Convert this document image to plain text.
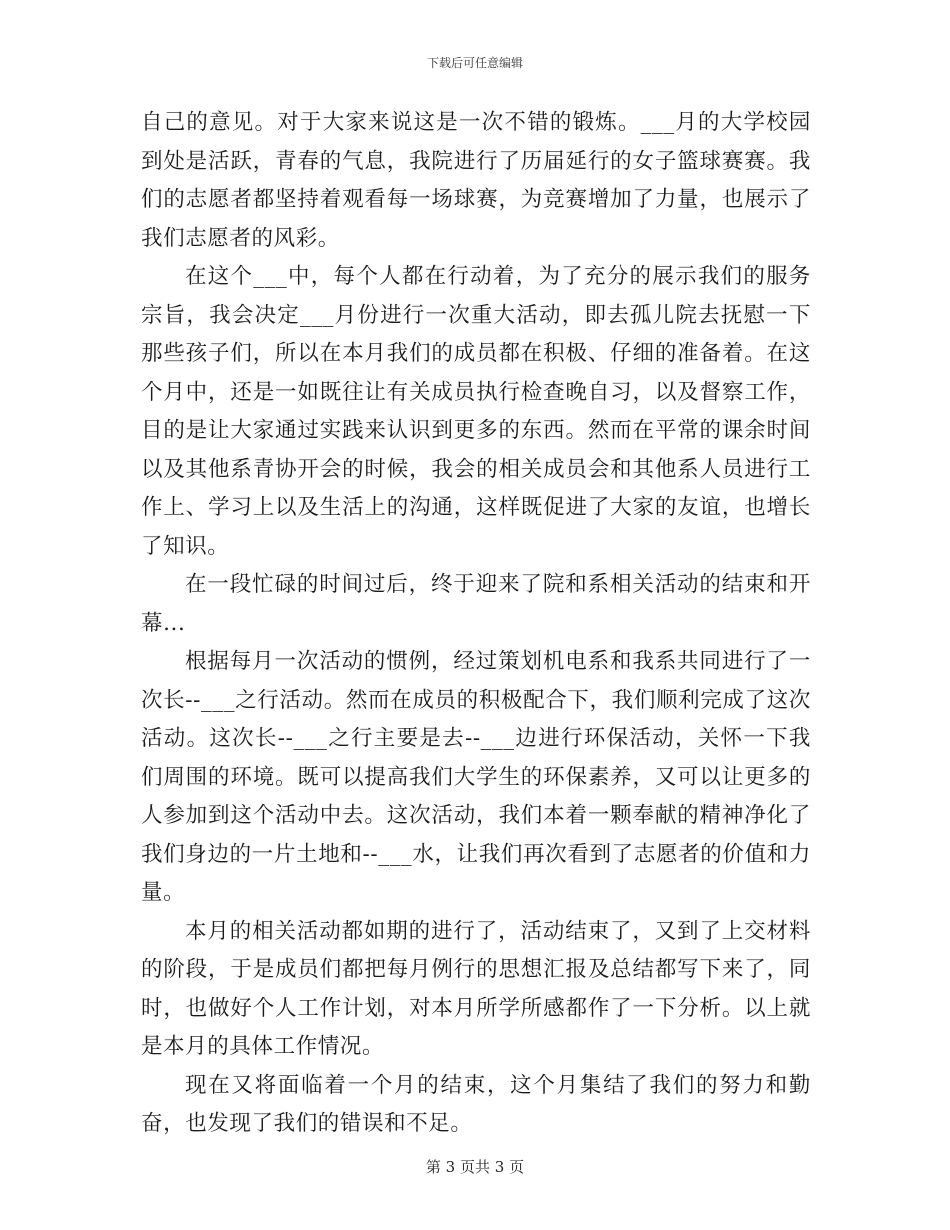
下载后可任意编辑

自己的意见。对于大家来说这是一次不错的锻炼。___月的大学校园到处是活跃，青春的气息，我院进行了历届延行的女子篮球赛赛。我们的志愿者都坚持着观看每一场球赛，为竞赛增加了力量，也展示了我们志愿者的风彩。

在这个___中，每个人都在行动着，为了充分的展示我们的服务宗旨，我会决定___月份进行一次重大活动，即去孤儿院去抚慰一下那些孩子们，所以在本月我们的成员都在积极、仔细的准备着。在这个月中，还是一如既往让有关成员执行检查晚自习，以及督察工作，目的是让大家通过实践来认识到更多的东西。然而在平常的课余时间以及其他系青协开会的时候，我会的相关成员会和其他系人员进行工作上、学习上以及生活上的沟通，这样既促进了大家的友谊，也增长了知识。

在一段忙碌的时间过后，终于迎来了院和系相关活动的结束和开幕...

根据每月一次活动的惯例，经过策划机电系和我系共同进行了一次长--___之行活动。然而在成员的积极配合下，我们顺利完成了这次活动。这次长--___之行主要是去--___边进行环保活动，关怀一下我们周围的环境。既可以提高我们大学生的环保素养，又可以让更多的人参加到这个活动中去。这次活动，我们本着一颗奉献的精神净化了我们身边的一片土地和--___水，让我们再次看到了志愿者的价值和力量。

本月的相关活动都如期的进行了，活动结束了，又到了上交材料的阶段，于是成员们都把每月例行的思想汇报及总结都写下来了，同时，也做好个人工作计划，对本月所学所感都作了一下分析。以上就是本月的具体工作情况。

现在又将面临着一个月的结束，这个月集结了我们的努力和勤奋，也发现了我们的错误和不足。

第 3 页共 3 页
